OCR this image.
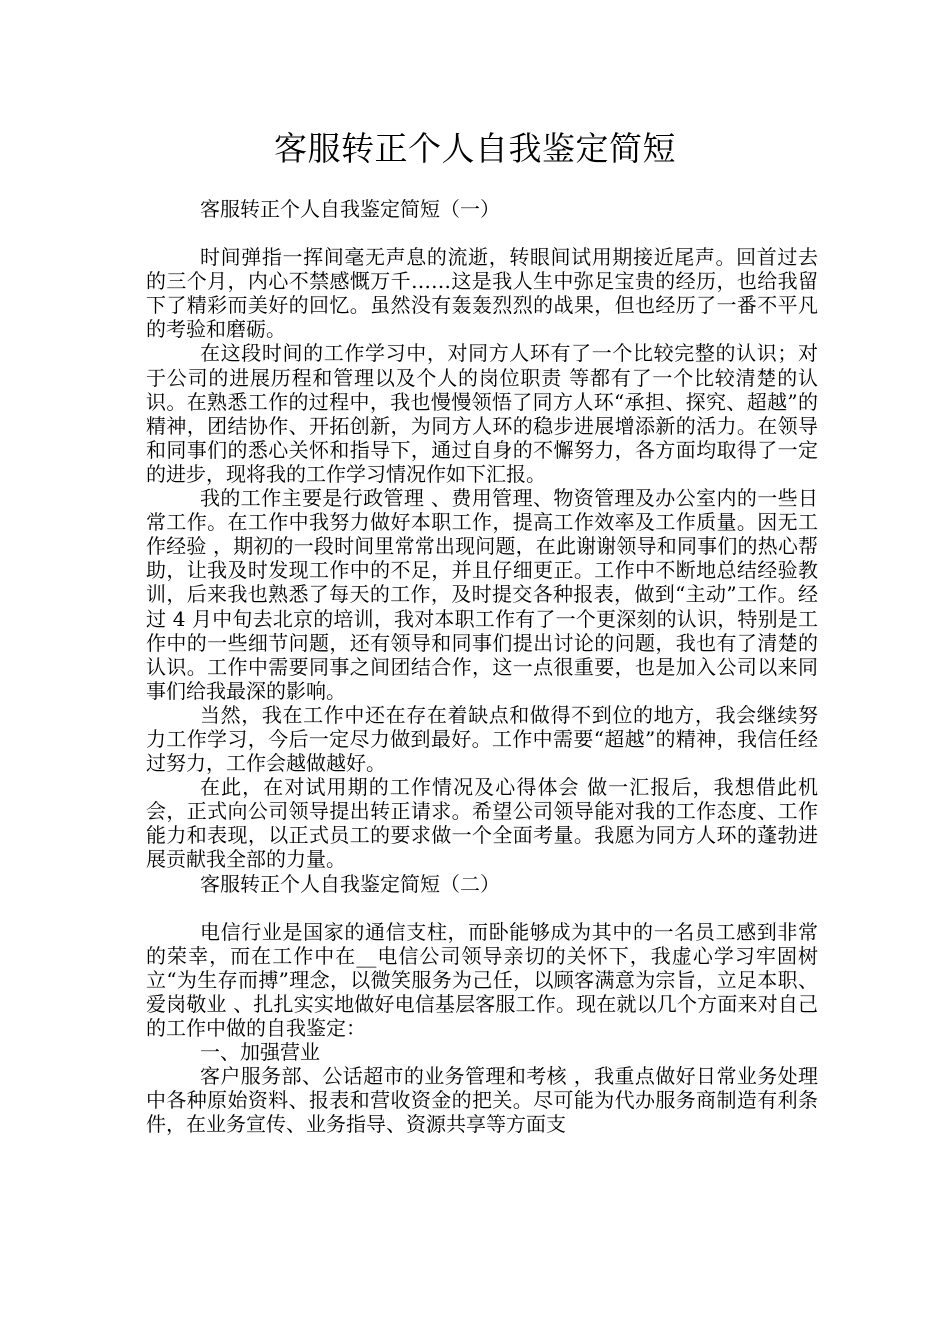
客服转正个人自我鉴定简短

客服转正个人自我鉴定简短（一）

时间弹指一挥间毫无声息的流逝，转眼间试用期接近尾声。回首过去的三个月，内心不禁感慨万千……这是我人生中弥足宝贵的经历，也给我留下了精彩而美好的回忆。虽然没有轰轰烈烈的战果，但也经历了一番不平凡的考验和磨砺。

在这段时间的工作学习中，对同方人环有了一个比较完整的认识；对于公司的进展历程和管理以及个人的岗位职责 等都有了一个比较清楚的认识。在熟悉工作的过程中，我也慢慢领悟了同方人环“承担、探究、超越”的精神，团结协作、开拓创新，为同方人环的稳步进展增添新的活力。在领导和同事们的悉心关怀和指导下，通过自身的不懈努力，各方面均取得了一定的进步，现将我的工作学习情况作如下汇报。

我的工作主要是行政管理 、费用管理、物资管理及办公室内的一些日常工作。在工作中我努力做好本职工作，提高工作效率及工作质量。因无工作经验 ，期初的一段时间里常常出现问题，在此谢谢领导和同事们的热心帮助，让我及时发现工作中的不足，并且仔细更正。工作中不断地总结经验教训，后来我也熟悉了每天的工作，及时提交各种报表，做到“主动”工作。经过 4 月中旬去北京的培训，我对本职工作有了一个更深刻的认识，特别是工作中的一些细节问题，还有领导和同事们提出讨论的问题，我也有了清楚的认识。工作中需要同事之间团结合作，这一点很重要，也是加入公司以来同事们给我最深的影响。

当然，我在工作中还在存在着缺点和做得不到位的地方，我会继续努力工作学习，今后一定尽力做到最好。工作中需要“超越”的精神，我信任经过努力，工作会越做越好。

在此，在对试用期的工作情况及心得体会 做一汇报后，我想借此机会，正式向公司领导提出转正请求。希望公司领导能对我的工作态度、工作能力和表现，以正式员工的要求做一个全面考量。我愿为同方人环的蓬勃进展贡献我全部的力量。

客服转正个人自我鉴定简短（二）

电信行业是国家的通信支柱，而卧能够成为其中的一名员工感到非常的荣幸，而在工作中在__电信公司领导亲切的关怀下，我虚心学习牢固树立“为生存而搏”理念，以微笑服务为己任，以顾客满意为宗旨，立足本职、爱岗敬业 、扎扎实实地做好电信基层客服工作。现在就以几个方面来对自己的工作中做的自我鉴定：

一、加强营业

客户服务部、公话超市的业务管理和考核 ，我重点做好日常业务处理中各种原始资料、报表和营收资金的把关。尽可能为代办服务商制造有利条件，在业务宣传、业务指导、资源共享等方面支
